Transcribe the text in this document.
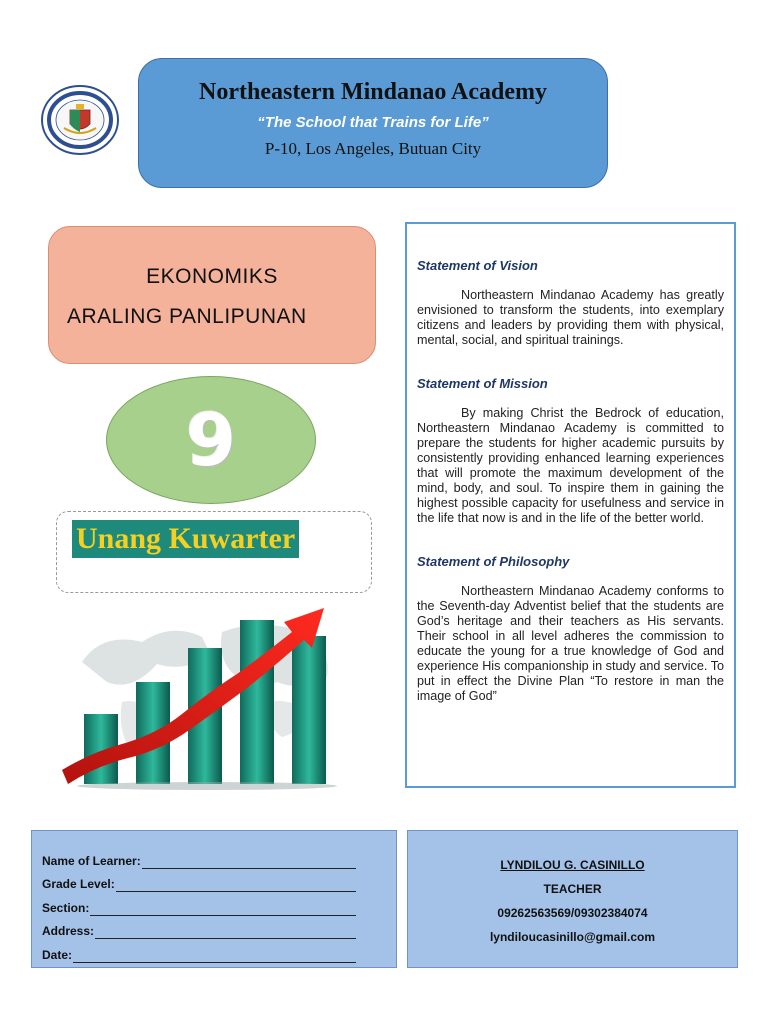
Northeastern Mindanao Academy
“The School that Trains for Life”
P-10, Los Angeles, Butuan City
EKONOMIKS
ARALING PANLIPUNAN
9
Unang Kuwarter
Statement of Vision
Northeastern Mindanao Academy has greatly envisioned to transform the students, into exemplary citizens and leaders by providing them with physical, mental, social, and spiritual trainings.
Statement of Mission
By making Christ the Bedrock of education, Northeastern Mindanao Academy is committed to prepare the students for higher academic pursuits by consistently providing enhanced learning experiences that will promote the maximum development of the mind, body, and soul. To inspire them in gaining the highest possible capacity for usefulness and service in the life that now is and in the life of the better world.
Statement of Philosophy
Northeastern Mindanao Academy conforms to the Seventh-day Adventist belief that the students are God’s heritage and their teachers as His servants. Their school in all level adheres the commission to educate the young for a true knowledge of God and experience His companionship in study and service. To put in effect the Divine Plan “To restore in man the image of God”
Name of Learner:
Grade Level:
Section:
Address:
Date:
LYNDILOU G. CASINILLO
TEACHER
09262563569/09302384074
lyndiloucasinillo@gmail.com
